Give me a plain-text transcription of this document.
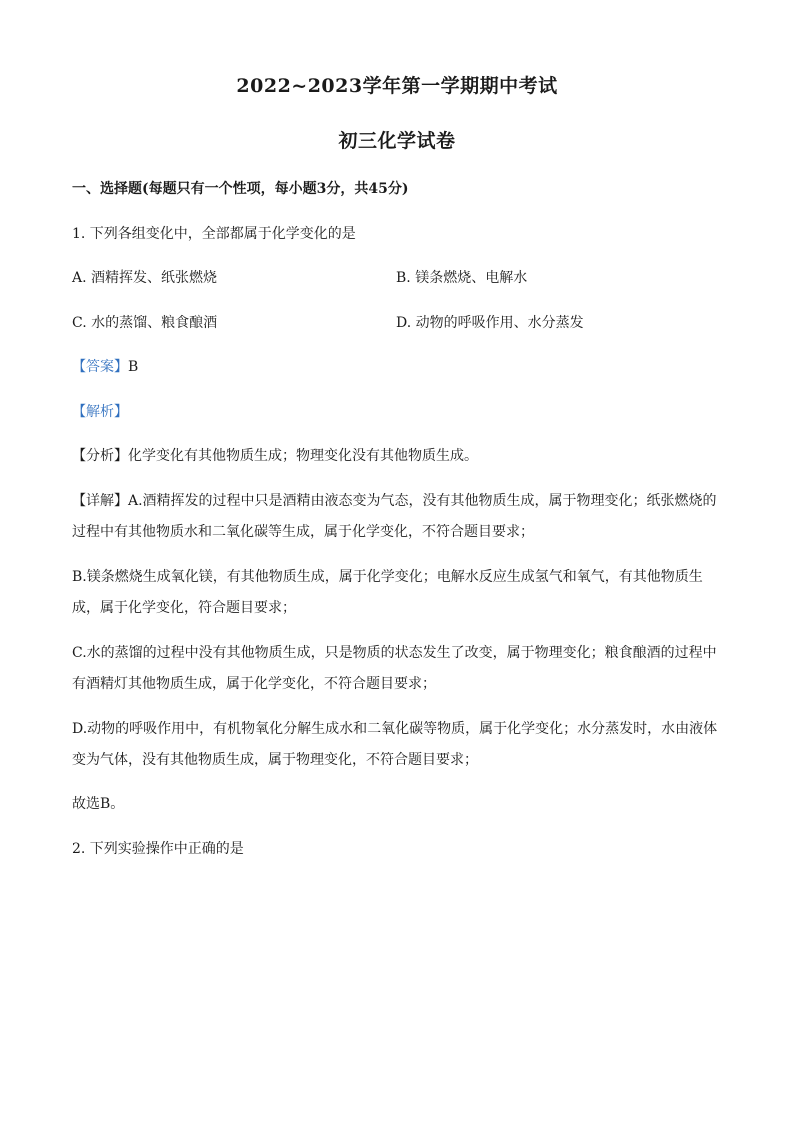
2022~2023学年第一学期期中考试
初三化学试卷
一、选择题(每题只有一个性项，每小题3分，共45分)
1. 下列各组变化中，全部都属于化学变化的是
A. 酒精挥发、纸张燃烧	B. 镁条燃烧、电解水
C. 水的蒸馏、粮食酿酒	D. 动物的呼吸作用、水分蒸发
【答案】B
【解析】
【分析】化学变化有其他物质生成；物理变化没有其他物质生成。
【详解】A.酒精挥发的过程中只是酒精由液态变为气态，没有其他物质生成，属于物理变化；纸张燃烧的
过程中有其他物质水和二氧化碳等生成，属于化学变化，不符合题目要求；
B.镁条燃烧生成氧化镁，有其他物质生成，属于化学变化；电解水反应生成氢气和氧气，有其他物质生
成，属于化学变化，符合题目要求；
C.水的蒸馏的过程中没有其他物质生成，只是物质的状态发生了改变，属于物理变化；粮食酿酒的过程中
有酒精灯其他物质生成，属于化学变化，不符合题目要求；
D.动物的呼吸作用中，有机物氧化分解生成水和二氧化碳等物质，属于化学变化；水分蒸发时，水由液体
变为气体，没有其他物质生成，属于物理变化，不符合题目要求；
故选B。
2. 下列实验操作中正确的是
